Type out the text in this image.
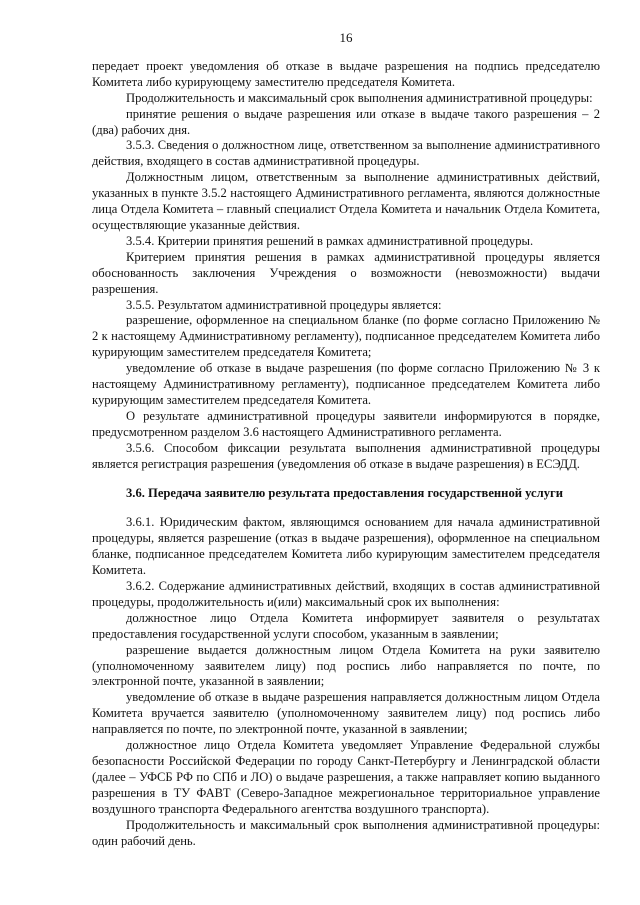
16

передает проект уведомления об отказе в выдаче разрешения на подпись председателю Комитета либо курирующему заместителю председателя Комитета.

Продолжительность и максимальный срок выполнения административной процедуры:

принятие решения о выдаче разрешения или отказе в выдаче такого разрешения – 2 (два) рабочих дня.

3.5.3. Сведения о должностном лице, ответственном за выполнение административного действия, входящего в состав административной процедуры.

Должностным лицом, ответственным за выполнение административных действий, указанных в пункте 3.5.2 настоящего Административного регламента, являются должностные лица Отдела Комитета – главный специалист Отдела Комитета и начальник Отдела Комитета, осуществляющие указанные действия.

3.5.4. Критерии принятия решений в рамках административной процедуры.

Критерием принятия решения в рамках административной процедуры является обоснованность заключения Учреждения о возможности (невозможности) выдачи разрешения.

3.5.5. Результатом административной процедуры является:

разрешение, оформленное на специальном бланке (по форме согласно Приложению № 2 к настоящему Административному регламенту), подписанное председателем Комитета либо курирующим заместителем председателя Комитета;

уведомление об отказе в выдаче разрешения (по форме согласно Приложению № 3 к настоящему Административному регламенту), подписанное председателем Комитета либо курирующим заместителем председателя Комитета.

О результате административной процедуры заявители информируются в порядке, предусмотренном разделом 3.6 настоящего Административного регламента.

3.5.6. Способом фиксации результата выполнения административной процедуры является регистрация разрешения (уведомления об отказе в выдаче разрешения) в ЕСЭДД.

3.6. Передача заявителю результата предоставления государственной услуги

3.6.1. Юридическим фактом, являющимся основанием для начала административной процедуры, является разрешение (отказ в выдаче разрешения), оформленное на специальном бланке, подписанное председателем Комитета либо курирующим заместителем председателя Комитета.

3.6.2. Содержание административных действий, входящих в состав административной процедуры, продолжительность и(или) максимальный срок их выполнения:

должностное лицо Отдела Комитета информирует заявителя о результатах предоставления государственной услуги способом, указанным в заявлении;

разрешение выдается должностным лицом Отдела Комитета на руки заявителю (уполномоченному заявителем лицу) под роспись либо направляется по почте, по электронной почте, указанной в заявлении;

уведомление об отказе в выдаче разрешения направляется должностным лицом Отдела Комитета вручается заявителю (уполномоченному заявителем лицу) под роспись либо направляется по почте, по электронной почте, указанной в заявлении;

должностное лицо Отдела Комитета уведомляет Управление Федеральной службы безопасности Российской Федерации по городу Санкт-Петербургу и Ленинградской области (далее – УФСБ РФ по СПб и ЛО) о выдаче разрешения, а также направляет копию выданного разрешения в ТУ ФАВТ (Северо-Западное межрегиональное территориальное управление воздушного транспорта Федерального агентства воздушного транспорта).

Продолжительность и максимальный срок выполнения административной процедуры: один рабочий день.
